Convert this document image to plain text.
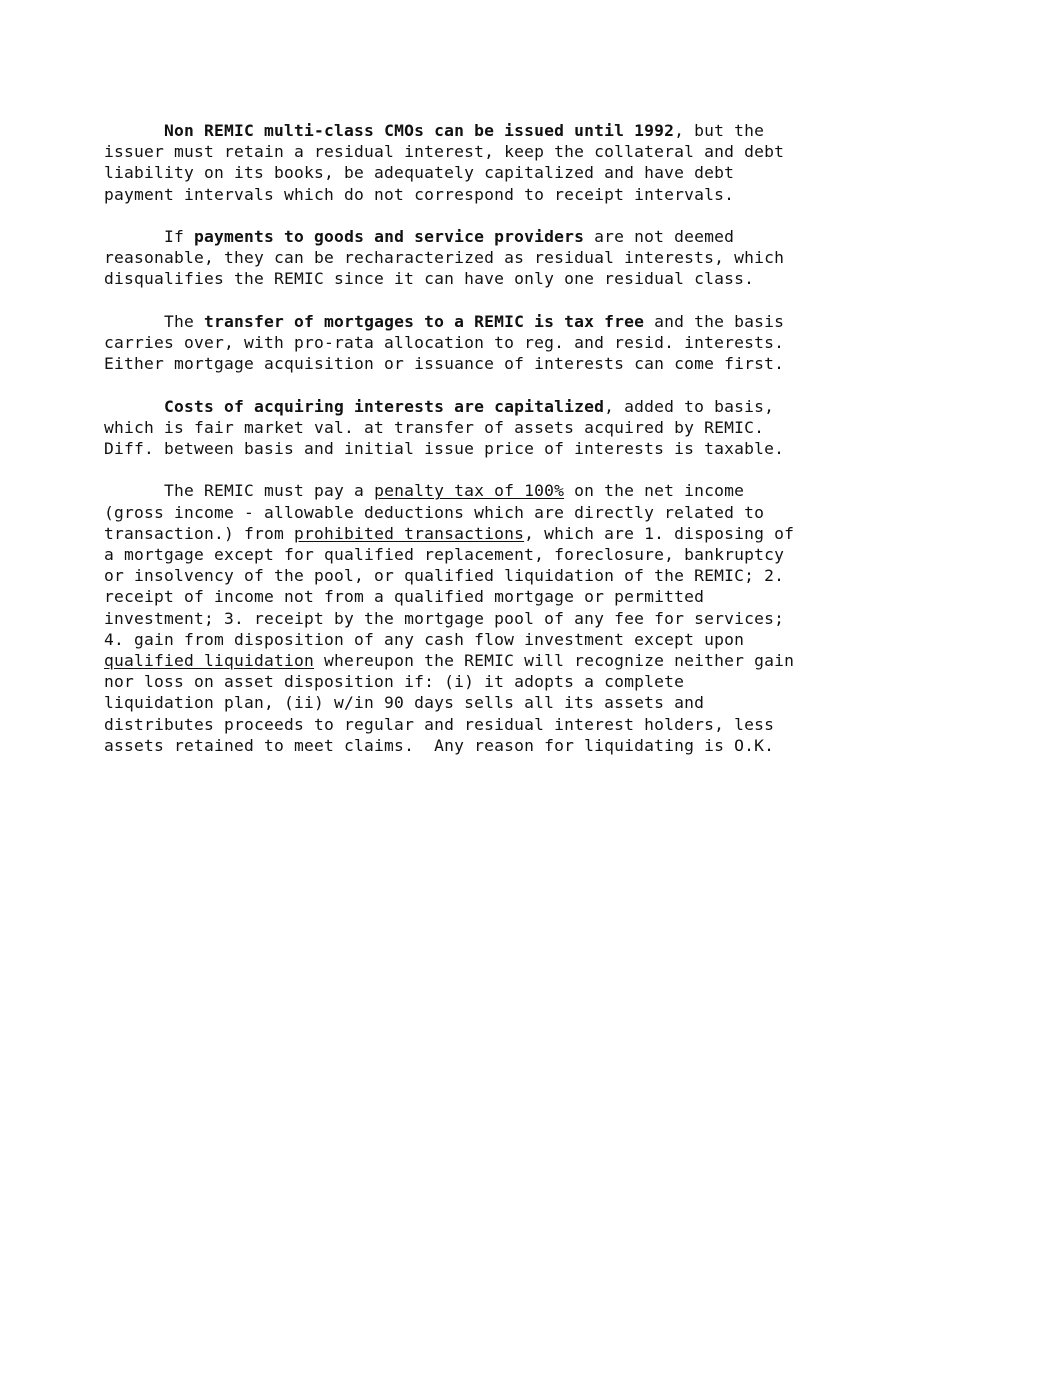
Non REMIC multi-class CMOs can be issued until 1992, but the
issuer must retain a residual interest, keep the collateral and debt
liability on its books, be adequately capitalized and have debt
payment intervals which do not correspond to receipt intervals.
If payments to goods and service providers are not deemed
reasonable, they can be recharacterized as residual interests, which
disqualifies the REMIC since it can have only one residual class.
The transfer of mortgages to a REMIC is tax free and the basis
carries over, with pro-rata allocation to reg. and resid. interests.
Either mortgage acquisition or issuance of interests can come first.
Costs of acquiring interests are capitalized, added to basis,
which is fair market val. at transfer of assets acquired by REMIC.
Diff. between basis and initial issue price of interests is taxable.
The REMIC must pay a penalty tax of 100% on the net income
(gross income - allowable deductions which are directly related to
transaction.) from prohibited transactions, which are 1. disposing of
a mortgage except for qualified replacement, foreclosure, bankruptcy
or insolvency of the pool, or qualified liquidation of the REMIC; 2.
receipt of income not from a qualified mortgage or permitted
investment; 3. receipt by the mortgage pool of any fee for services;
4. gain from disposition of any cash flow investment except upon
qualified liquidation whereupon the REMIC will recognize neither gain
nor loss on asset disposition if: (i) it adopts a complete
liquidation plan, (ii) w/in 90 days sells all its assets and
distributes proceeds to regular and residual interest holders, less
assets retained to meet claims.  Any reason for liquidating is O.K.
